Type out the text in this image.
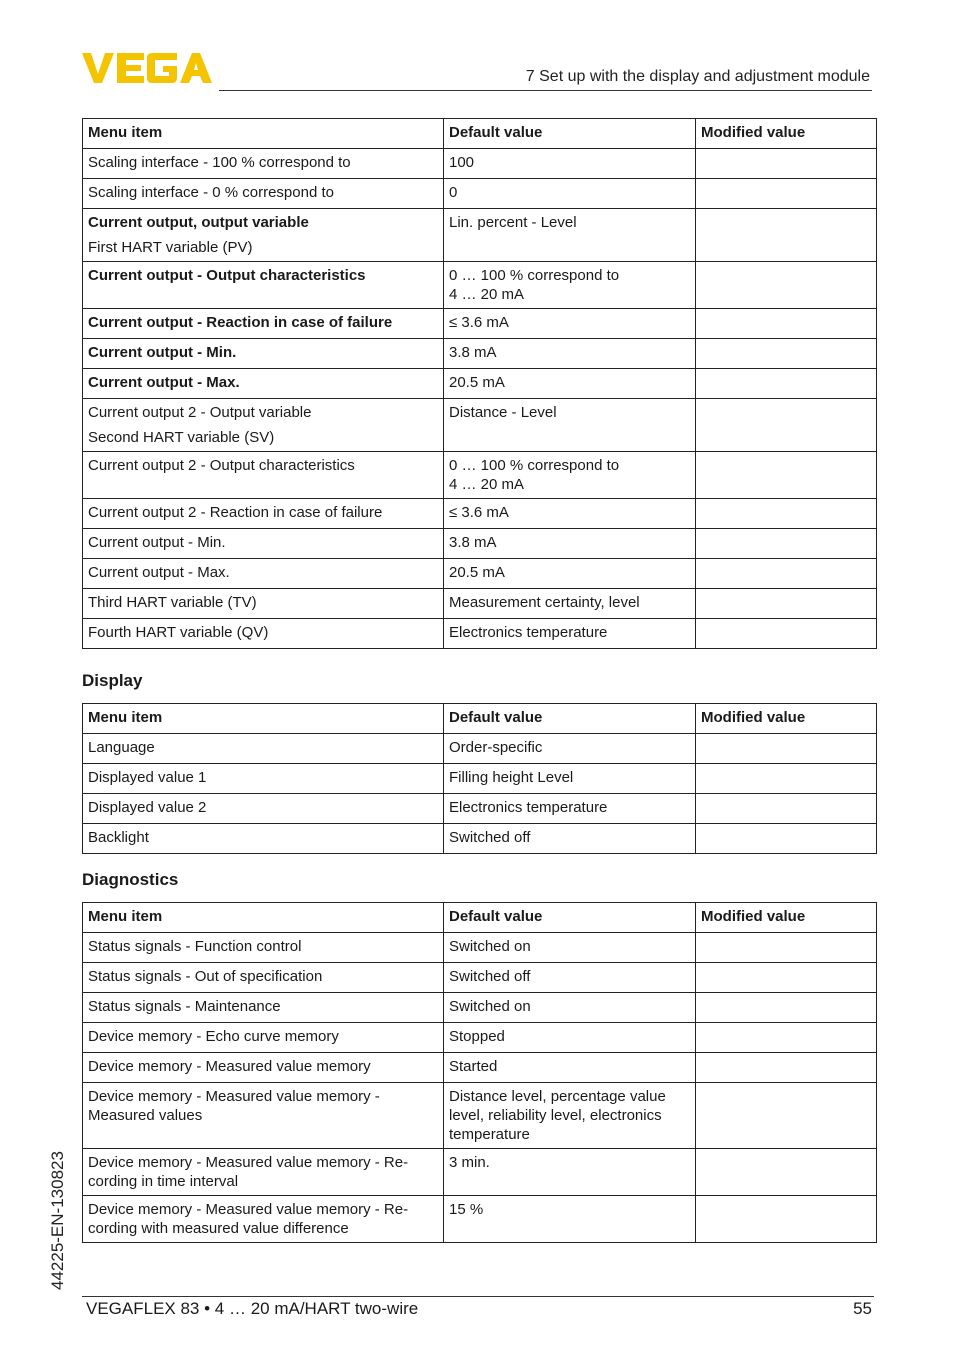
7 Set up with the display and adjustment module
Menu item	Default value	Modified value
Scaling interface - 100 % correspond to	100	
Scaling interface - 0 % correspond to	0	
Current output, output variable
First HART variable (PV)	Lin. percent - Level	
Current output - Output characteristics	0 … 100 % correspond to
4 … 20 mA	
Current output - Reaction in case of failure	≤ 3.6 mA	
Current output - Min.	3.8 mA	
Current output - Max.	20.5 mA	
Current output 2 - Output variable
Second HART variable (SV)	Distance - Level	
Current output 2 - Output characteristics	0 … 100 % correspond to
4 … 20 mA	
Current output 2 - Reaction in case of failure	≤ 3.6 mA	
Current output - Min.	3.8 mA	
Current output - Max.	20.5 mA	
Third HART variable (TV)	Measurement certainty, level	
Fourth HART variable (QV)	Electronics temperature	
Display
Menu item	Default value	Modified value
Language	Order-specific	
Displayed value 1	Filling height Level	
Displayed value 2	Electronics temperature	
Backlight	Switched off	
Diagnostics
Menu item	Default value	Modified value
Status signals - Function control	Switched on	
Status signals - Out of specification	Switched off	
Status signals - Maintenance	Switched on	
Device memory - Echo curve memory	Stopped	
Device memory - Measured value memory	Started	
Device memory - Measured value memory -
Measured values	Distance level, percentage value
level, reliability level, electronics
temperature	
Device memory - Measured value memory - Re-
cording in time interval	3 min.	
Device memory - Measured value memory - Re-
cording with measured value difference	15 %	
44225-EN-130823
VEGAFLEX 83 • 4 … 20 mA/HART two-wire	55
